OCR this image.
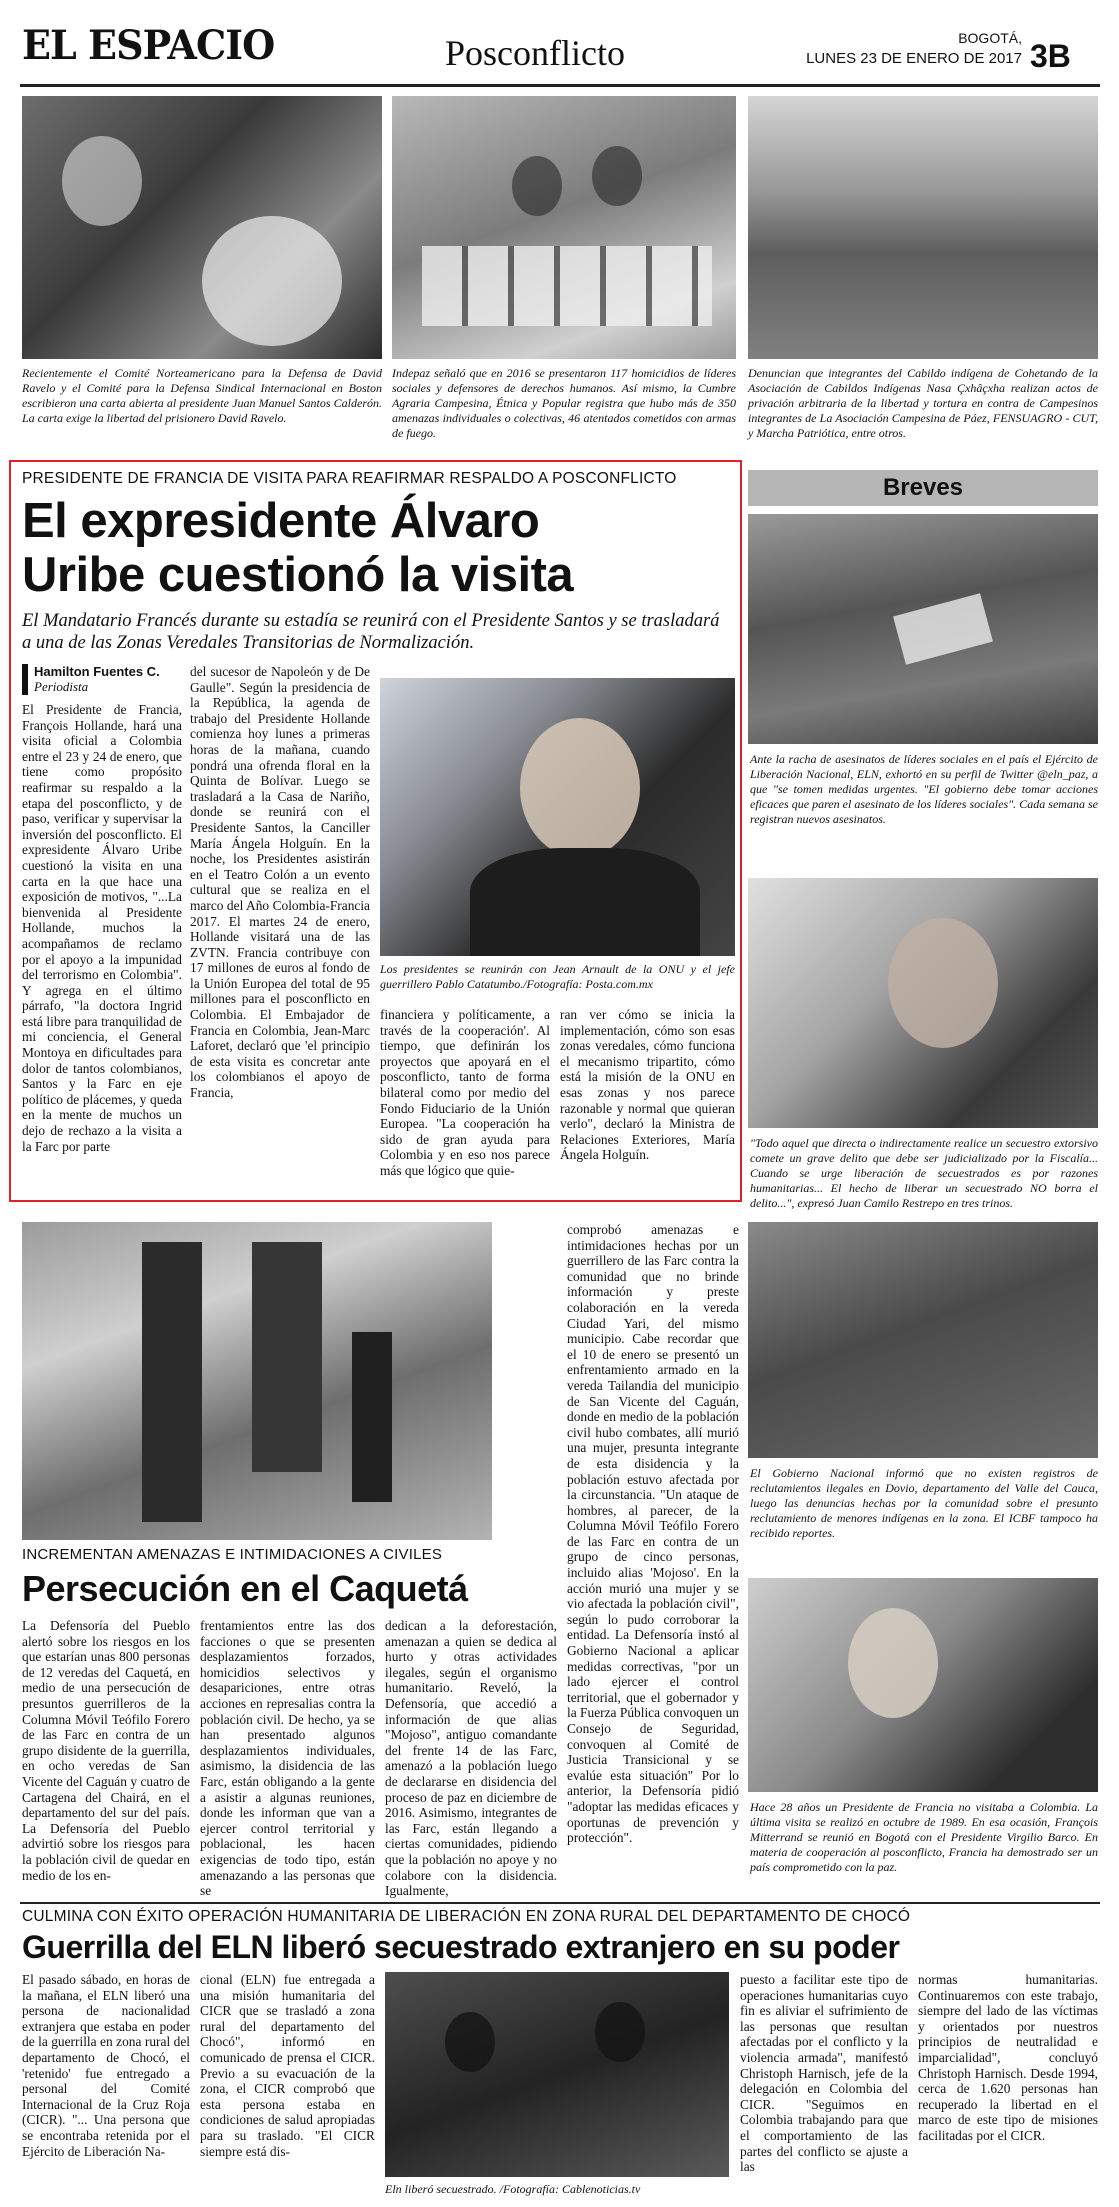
EL ESPACIO	Posconflicto	BOGOTÁ,
LUNES 23 DE ENERO DE 2017 3B
Recientemente el Comité Norteamericano para la Defensa de David Ravelo y el Comité para la Defensa Sindical Internacional en Boston escribieron una carta abierta al presidente Juan Manuel Santos Calderón. La carta exige la libertad del prisionero David Ravelo.
Indepaz señaló que en 2016 se presentaron 117 homicidios de líderes sociales y defensores de derechos humanos. Así mismo, la Cumbre Agraria Campesina, Étnica y Popular registra que hubo más de 350 amenazas individuales o colectivas, 46 atentados cometidos con armas de fuego.
Denuncian que integrantes del Cabildo indígena de Cohetando de la Asociación de Cabildos Indígenas Nasa Çxhâçxha realizan actos de privación arbitraria de la libertad y tortura en contra de Campesinos integrantes de La Asociación Campesina de Páez, FENSUAGRO - CUT, y Marcha Patriótica, entre otros.
PRESIDENTE DE FRANCIA DE VISITA PARA REAFIRMAR RESPALDO A POSCONFLICTO
El expresidente Álvaro
Uribe cuestionó la visita
El Mandatario Francés durante su estadía se reunirá con el Presidente Santos y se trasladará a una de las Zonas Veredales Transitorias de Normalización.
Hamilton Fuentes C.
Periodista
El Presidente de Francia, François Hollande, hará una visita oficial a Colombia entre el 23 y 24 de enero, que tiene como propósito reafirmar su respaldo a la etapa del posconflicto, y de paso, verificar y supervisar la inversión del posconflicto. El expresidente Álvaro Uribe cuestionó la visita en una carta en la que hace una exposición de motivos, "...La bienvenida al Presidente Hollande, muchos la acompañamos de reclamo por el apoyo a la impunidad del terrorismo en Colombia". Y agrega en el último párrafo, "la doctora Ingrid está libre para tranquilidad de mi conciencia, el General Montoya en dificultades para dolor de tantos colombianos, Santos y la Farc en eje político de plácemes, y queda en la mente de muchos un dejo de rechazo a la visita a la Farc por parte
del sucesor de Napoleón y de De Gaulle". Según la presidencia de la República, la agenda de trabajo del Presidente Hollande comienza hoy lunes a primeras horas de la mañana, cuando pondrá una ofrenda floral en la Quinta de Bolívar. Luego se trasladará a la Casa de Nariño, donde se reunirá con el Presidente Santos, la Canciller María Ángela Holguín. En la noche, los Presidentes asistirán en el Teatro Colón a un evento cultural que se realiza en el marco del Año Colombia-Francia 2017. El martes 24 de enero, Hollande visitará una de las ZVTN. Francia contribuye con 17 millones de euros al fondo de la Unión Europea del total de 95 millones para el posconflicto en Colombia. El Embajador de Francia en Colombia, Jean-Marc Laforet, declaró que 'el principio de esta visita es concretar ante los colombianos el apoyo de Francia,
Los presidentes se reunirán con Jean Arnault de la ONU y el jefe guerrillero Pablo Catatumbo./Fotografía: Posta.com.mx
financiera y políticamente, a través de la cooperación'. Al tiempo, que definirán los proyectos que apoyará en el posconflicto, tanto de forma bilateral como por medio del Fondo Fiduciario de la Unión Europea. "La cooperación ha sido de gran ayuda para Colombia y en eso nos parece más que lógico que quie-
ran ver cómo se inicia la implementación, cómo son esas zonas veredales, cómo funciona el mecanismo tripartito, cómo está la misión de la ONU en esas zonas y nos parece razonable y normal que quieran verlo", declaró la Ministra de Relaciones Exteriores, María Ángela Holguín.
Breves
Ante la racha de asesinatos de líderes sociales en el país el Ejército de Liberación Nacional, ELN, exhortó en su perfil de Twitter @eln_paz, a que "se tomen medidas urgentes. "El gobierno debe tomar acciones eficaces que paren el asesinato de los líderes sociales". Cada semana se registran nuevos asesinatos.
"Todo aquel que directa o indirectamente realice un secuestro extorsivo comete un grave delito que debe ser judicializado por la Fiscalía... Cuando se urge liberación de secuestrados es por razones humanitarias... El hecho de liberar un secuestrado NO borra el delito...", expresó Juan Camilo Restrepo en tres trinos.
El Gobierno Nacional informó que no existen registros de reclutamientos ilegales en Dovio, departamento del Valle del Cauca, luego las denuncias hechas por la comunidad sobre el presunto reclutamiento de menores indígenas en la zona. El ICBF tampoco ha recibido reportes.
Hace 28 años un Presidente de Francia no visitaba a Colombia. La última visita se realizó en octubre de 1989. En esa ocasión, François Mitterrand se reunió en Bogotá con el Presidente Virgilio Barco. En materia de cooperación al posconflicto, Francia ha demostrado ser un país comprometido con la paz.
INCREMENTAN AMENAZAS E INTIMIDACIONES A CIVILES
Persecución en el Caquetá
La Defensoría del Pueblo alertó sobre los riesgos en los que estarían unas 800 personas de 12 veredas del Caquetá, en medio de una persecución de presuntos guerrilleros de la Columna Móvil Teófilo Forero de las Farc en contra de un grupo disidente de la guerrilla, en ocho veredas de San Vicente del Caguán y cuatro de Cartagena del Chairá, en el departamento del sur del país. La Defensoría del Pueblo advirtió sobre los riesgos para la población civil de quedar en medio de los en-
frentamientos entre las dos facciones o que se presenten desplazamientos forzados, homicidios selectivos y desapariciones, entre otras acciones en represalias contra la población civil. De hecho, ya se han presentado algunos desplazamientos individuales, asimismo, la disidencia de las Farc, están obligando a la gente a asistir a algunas reuniones, donde les informan que van a ejercer control territorial y poblacional, les hacen exigencias de todo tipo, están amenazando a las personas que se
dedican a la deforestación, amenazan a quien se dedica al hurto y otras actividades ilegales, según el organismo humanitario. Reveló, la Defensoría, que accedió a información de que alias "Mojoso", antiguo comandante del frente 14 de las Farc, amenazó a la población luego de declararse en disidencia del proceso de paz en diciembre de 2016. Asimismo, integrantes de las Farc, están llegando a ciertas comunidades, pidiendo que la población no apoye y no colabore con la disidencia. Igualmente,
comprobó amenazas e intimidaciones hechas por un guerrillero de las Farc contra la comunidad que no brinde información y preste colaboración en la vereda Ciudad Yari, del mismo municipio. Cabe recordar que el 10 de enero se presentó un enfrentamiento armado en la vereda Tailandia del municipio de San Vicente del Caguán, donde en medio de la población civil hubo combates, allí murió una mujer, presunta integrante de esta disidencia y la población estuvo afectada por la circunstancia. "Un ataque de hombres, al parecer, de la Columna Móvil Teófilo Forero de las Farc en contra de un grupo de cinco personas, incluido alias 'Mojoso'. En la acción murió una mujer y se vio afectada la población civil", según lo pudo corroborar la entidad. La Defensoría instó al Gobierno Nacional a aplicar medidas correctivas, "por un lado ejercer el control territorial, que el gobernador y la Fuerza Pública convoquen un Consejo de Seguridad, convoquen al Comité de Justicia Transicional y se evalúe esta situación" Por lo anterior, la Defensoría pidió "adoptar las medidas eficaces y oportunas de prevención y protección".
CULMINA CON ÉXITO OPERACIÓN HUMANITARIA DE LIBERACIÓN EN ZONA RURAL DEL DEPARTAMENTO DE CHOCÓ
Guerrilla del ELN liberó secuestrado extranjero en su poder
El pasado sábado, en horas de la mañana, el ELN liberó una persona de nacionalidad extranjera que estaba en poder de la guerrilla en zona rural del departamento de Chocó, el 'retenido' fue entregado a personal del Comité Internacional de la Cruz Roja (CICR). "... Una persona que se encontraba retenida por el Ejército de Liberación Na-
cional (ELN) fue entregada a una misión humanitaria del CICR que se trasladó a zona rural del departamento del Chocó", informó en comunicado de prensa el CICR. Previo a su evacuación de la zona, el CICR comprobó que esta persona estaba en condiciones de salud apropiadas para su traslado. "El CICR siempre está dis-
Eln liberó secuestrado. /Fotografía: Cablenoticias.tv
puesto a facilitar este tipo de operaciones humanitarias cuyo fin es aliviar el sufrimiento de las personas que resultan afectadas por el conflicto y la violencia armada", manifestó Christoph Harnisch, jefe de la delegación en Colombia del CICR. "Seguimos en Colombia trabajando para que el comportamiento de las partes del conflicto se ajuste a las
normas humanitarias. Continuaremos con este trabajo, siempre del lado de las víctimas y orientados por nuestros principios de neutralidad e imparcialidad", concluyó Christoph Harnisch. Desde 1994, cerca de 1.620 personas han recuperado la libertad en el marco de este tipo de misiones facilitadas por el CICR.
